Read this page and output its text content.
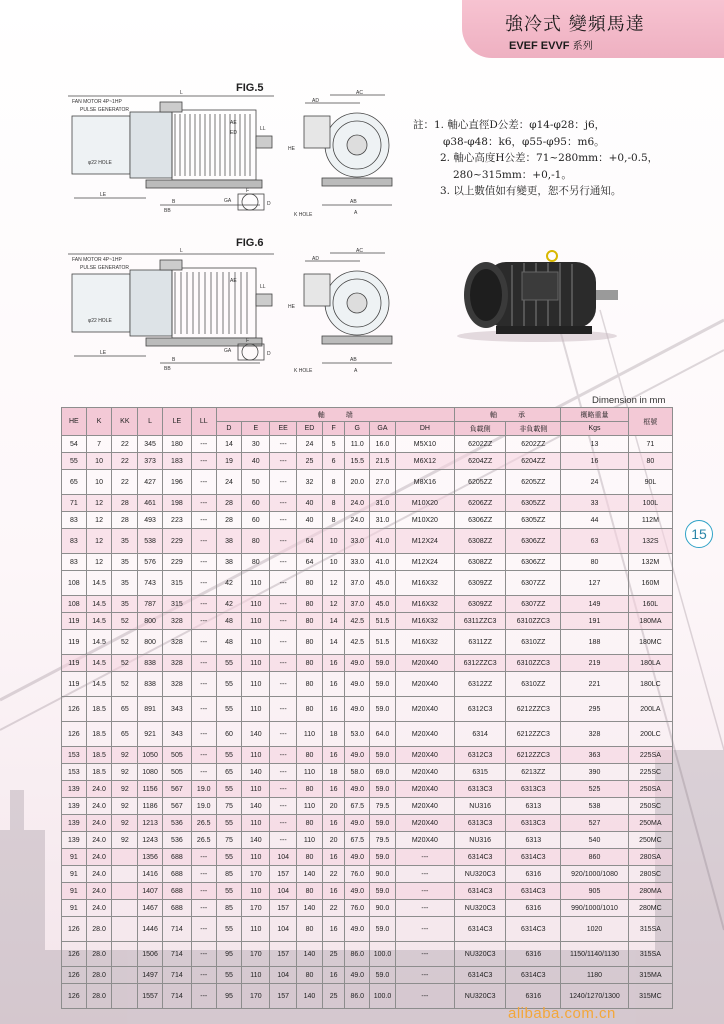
強冷式 變頻馬達
EVEF EVVF 系列
FIG.5
FAN MOTOR 4P~1HP
PULSE GENERATOR
φ22 HOLE
L
LE
BB
B
HE
AC
AD
AE
ED
LL
D
GA
F
K HOLE
AB
A
FIG.6
FAN MOTOR 4P~1HP
PULSE GENERATOR
φ22 HOLE
L
LE
BB
B
HE
AC
AD
AE
LL
D
GA
F
K HOLE
AB
A
註：1. 軸心直徑D公差：φ14-φ28：j6，
φ38-φ48：k6，φ55-φ95：m6。
2. 軸心高度H公差：71~280mm：+0,-0.5，
280~315mm：+0,-1。
3. 以上數值如有變更，恕不另行通知。
Dimension in mm
HE	K	KK	L	LE	LL	軸　　　端								軸　　　承		概略重量	框號
						D	E	EE	ED	F	G	GA	DH	負載側	非負載側	Kgs	
54	7	22	345	180	---	14	30	---	24	5	11.0	16.0	M5X10	6202ZZ	6202ZZ	13	71
55	10	22	373	183	---	19	40	---	25	6	15.5	21.5	M6X12	6204ZZ	6204ZZ	16	80
65	10	22	427	196	---	24	50	---	32	8	20.0	27.0	M8X16	6205ZZ	6205ZZ	24	90L
71	12	28	461	198	---	28	60	---	40	8	24.0	31.0	M10X20	6206ZZ	6305ZZ	33	100L
83	12	28	493	223	---	28	60	---	40	8	24.0	31.0	M10X20	6306ZZ	6305ZZ	44	112M
83	12	35	538	229	---	38	80	---	64	10	33.0	41.0	M12X24	6308ZZ	6306ZZ	63	132S
83	12	35	576	229	---	38	80	---	64	10	33.0	41.0	M12X24	6308ZZ	6306ZZ	80	132M
108	14.5	35	743	315	---	42	110	---	80	12	37.0	45.0	M16X32	6309ZZ	6307ZZ	127	160M
108	14.5	35	787	315	---	42	110	---	80	12	37.0	45.0	M16X32	6309ZZ	6307ZZ	149	160L
119	14.5	52	800	328	---	48	110	---	80	14	42.5	51.5	M16X32	6311ZZC3	6310ZZC3	191	180MA
119	14.5	52	800	328	---	48	110	---	80	14	42.5	51.5	M16X32	6311ZZ	6310ZZ	188	180MC
119	14.5	52	838	328	---	55	110	---	80	16	49.0	59.0	M20X40	6312ZZC3	6310ZZC3	219	180LA
119	14.5	52	838	328	---	55	110	---	80	16	49.0	59.0	M20X40	6312ZZ	6310ZZ	221	180LC
126	18.5	65	891	343	---	55	110	---	80	16	49.0	59.0	M20X40	6312C3	6212ZZC3	295	200LA
126	18.5	65	921	343	---	60	140	---	110	18	53.0	64.0	M20X40	6314	6212ZZC3	328	200LC
153	18.5	92	1050	505	---	55	110	---	80	16	49.0	59.0	M20X40	6312C3	6212ZZC3	363	225SA
153	18.5	92	1080	505	---	65	140	---	110	18	58.0	69.0	M20X40	6315	6213ZZ	390	225SC
139	24.0	92	1156	567	19.0	55	110	---	80	16	49.0	59.0	M20X40	6313C3	6313C3	525	250SA
139	24.0	92	1186	567	19.0	75	140	---	110	20	67.5	79.5	M20X40	NU316	6313	538	250SC
139	24.0	92	1213	536	26.5	55	110	---	80	16	49.0	59.0	M20X40	6313C3	6313C3	527	250MA
139	24.0	92	1243	536	26.5	75	140	---	110	20	67.5	79.5	M20X40	NU316	6313	540	250MC
91	24.0		1356	688	---	55	110	104	80	16	49.0	59.0	---	6314C3	6314C3	860	280SA
91	24.0		1416	688	---	85	170	157	140	22	76.0	90.0	---	NU320C3	6316	920/1000/1080	280SC
91	24.0		1407	688	---	55	110	104	80	16	49.0	59.0	---	6314C3	6314C3	905	280MA
91	24.0		1467	688	---	85	170	157	140	22	76.0	90.0	---	NU320C3	6316	990/1000/1010	280MC
126	28.0		1446	714	---	55	110	104	80	16	49.0	59.0	---	6314C3	6314C3	1020	315SA
126	28.0		1506	714	---	95	170	157	140	25	86.0	100.0	---	NU320C3	6316	1150/1140/1130	315SA
126	28.0		1497	714	---	55	110	104	80	16	49.0	59.0	---	6314C3	6314C3	1180	315MA
126	28.0		1557	714	---	95	170	157	140	25	86.0	100.0	---	NU320C3	6316	1240/1270/1300	315MC
15
alibaba.com.cn
